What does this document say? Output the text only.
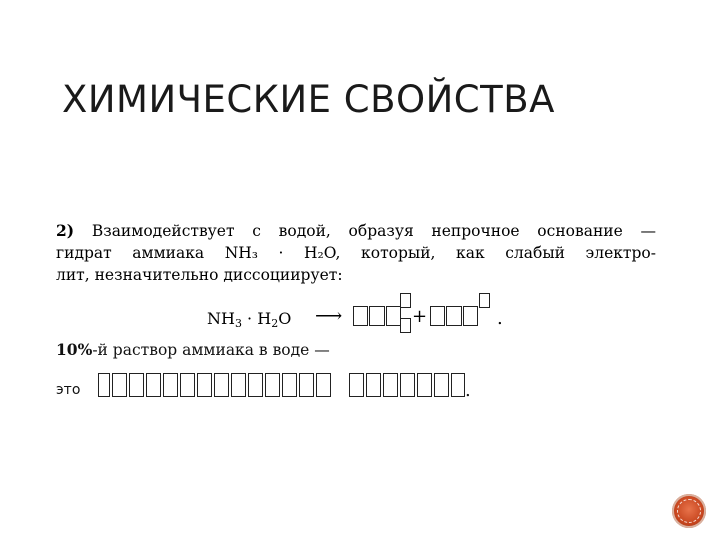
ХИМИЧЕСКИЕ СВОЙСТВА
2) Взаимодействует с водой, образуя непрочное основание —
гидрат аммиака NH₃ · H₂O, который, как слабый электро-
лит, незначительно диссоциирует:
$NH_3 \cdot H_2O$ ⟶	+	.
10%-й раствор аммиака в воде —
это	.
